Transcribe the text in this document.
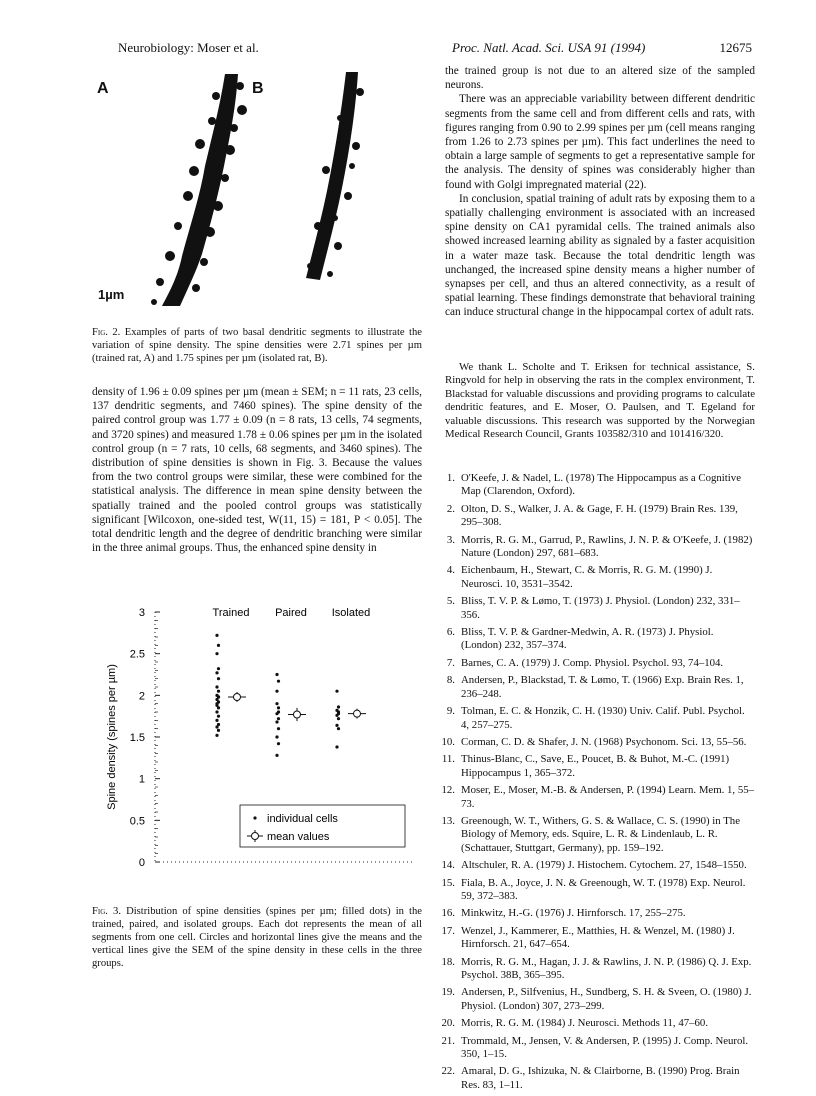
Neurobiology: Moser et al.	Proc. Natl. Acad. Sci. USA 91 (1994)	12675
A	B
1µm
Fig. 2. Examples of parts of two basal dendritic segments to illustrate the variation of spine density. The spine densities were 2.71 spines per µm (trained rat, A) and 1.75 spines per µm (isolated rat, B).

density of 1.96 ± 0.09 spines per µm (mean ± SEM; n = 11 rats, 23 cells, 137 dendritic segments, and 7460 spines). The spine density of the paired control group was 1.77 ± 0.09 (n = 8 rats, 13 cells, 74 segments, and 3720 spines) and measured 1.78 ± 0.06 spines per µm in the isolated control group (n = 7 rats, 10 cells, 68 segments, and 3460 spines). The distribution of spine densities is shown in Fig. 3. Because the values from the two control groups were similar, these were combined for the statistical analysis. The difference in mean spine density between the spatially trained and the pooled control groups was statistically significant [Wilcoxon, one-sided test, W(11, 15) = 181, P < 0.05]. The total dendritic length and the degree of dendritic branching were similar in the three animal groups. Thus, the enhanced spine density in

0
0.5
1
1.5
2
2.5
3
Spine density (spines per µm)
Trained Paired Isolated
individual cells
mean values
Fig. 3. Distribution of spine densities (spines per µm; filled dots) in the trained, paired, and isolated groups. Each dot represents the mean of all segments from one cell. Circles and horizontal lines give the means and the vertical lines give the SEM of the spine density in these cells in the three groups.

the trained group is not due to an altered size of the sampled neurons.

There was an appreciable variability between different dendritic segments from the same cell and from different cells and rats, with figures ranging from 0.90 to 2.99 spines per µm (cell means ranging from 1.26 to 2.73 spines per µm). This fact underlines the need to obtain a large sample of segments to get a representative sample for the analysis. The density of spines was considerably higher than found with Golgi impregnated material (22).

In conclusion, spatial training of adult rats by exposing them to a spatially challenging environment is associated with an increased spine density on CA1 pyramidal cells. The trained animals also showed increased learning ability as signaled by a faster acquisition in a water maze task. Because the total dendritic length was unchanged, the increased spine density means a higher number of synapses per cell, and thus an altered connectivity, as a result of spatial learning. These findings demonstrate that behavioral training can induce structural change in the hippocampal cortex of adult rats.

We thank L. Scholte and T. Eriksen for technical assistance, S. Ringvold for help in observing the rats in the complex environment, T. Blackstad for valuable discussions and providing programs to calculate dendritic features, and E. Moser, O. Paulsen, and T. Egeland for valuable discussions. This research was supported by the Norwegian Medical Research Council, Grants 103582/310 and 101416/320.

1. O'Keefe, J. & Nadel, L. (1978) The Hippocampus as a Cognitive Map (Clarendon, Oxford).
2. Olton, D. S., Walker, J. A. & Gage, F. H. (1979) Brain Res. 139, 295–308.
3. Morris, R. G. M., Garrud, P., Rawlins, J. N. P. & O'Keefe, J. (1982) Nature (London) 297, 681–683.
4. Eichenbaum, H., Stewart, C. & Morris, R. G. M. (1990) J. Neurosci. 10, 3531–3542.
5. Bliss, T. V. P. & Lømo, T. (1973) J. Physiol. (London) 232, 331–356.
6. Bliss, T. V. P. & Gardner-Medwin, A. R. (1973) J. Physiol. (London) 232, 357–374.
7. Barnes, C. A. (1979) J. Comp. Physiol. Psychol. 93, 74–104.
8. Andersen, P., Blackstad, T. & Lømo, T. (1966) Exp. Brain Res. 1, 236–248.
9. Tolman, E. C. & Honzik, C. H. (1930) Univ. Calif. Publ. Psychol. 4, 257–275.
10. Corman, C. D. & Shafer, J. N. (1968) Psychonom. Sci. 13, 55–56.
11. Thinus-Blanc, C., Save, E., Poucet, B. & Buhot, M.-C. (1991) Hippocampus 1, 365–372.
12. Moser, E., Moser, M.-B. & Andersen, P. (1994) Learn. Mem. 1, 55–73.
13. Greenough, W. T., Withers, G. S. & Wallace, C. S. (1990) in The Biology of Memory, eds. Squire, L. R. & Lindenlaub, L. R. (Schattauer, Stuttgart, Germany), pp. 159–192.
14. Altschuler, R. A. (1979) J. Histochem. Cytochem. 27, 1548–1550.
15. Fiala, B. A., Joyce, J. N. & Greenough, W. T. (1978) Exp. Neurol. 59, 372–383.
16. Minkwitz, H.-G. (1976) J. Hirnforsch. 17, 255–275.
17. Wenzel, J., Kammerer, E., Matthies, H. & Wenzel, M. (1980) J. Hirnforsch. 21, 647–654.
18. Morris, R. G. M., Hagan, J. J. & Rawlins, J. N. P. (1986) Q. J. Exp. Psychol. 38B, 365–395.
19. Andersen, P., Silfvenius, H., Sundberg, S. H. & Sveen, O. (1980) J. Physiol. (London) 307, 273–299.
20. Morris, R. G. M. (1984) J. Neurosci. Methods 11, 47–60.
21. Trommald, M., Jensen, V. & Andersen, P. (1995) J. Comp. Neurol. 350, 1–15.
22. Amaral, D. G., Ishizuka, N. & Clairborne, B. (1990) Prog. Brain Res. 83, 1–11.
